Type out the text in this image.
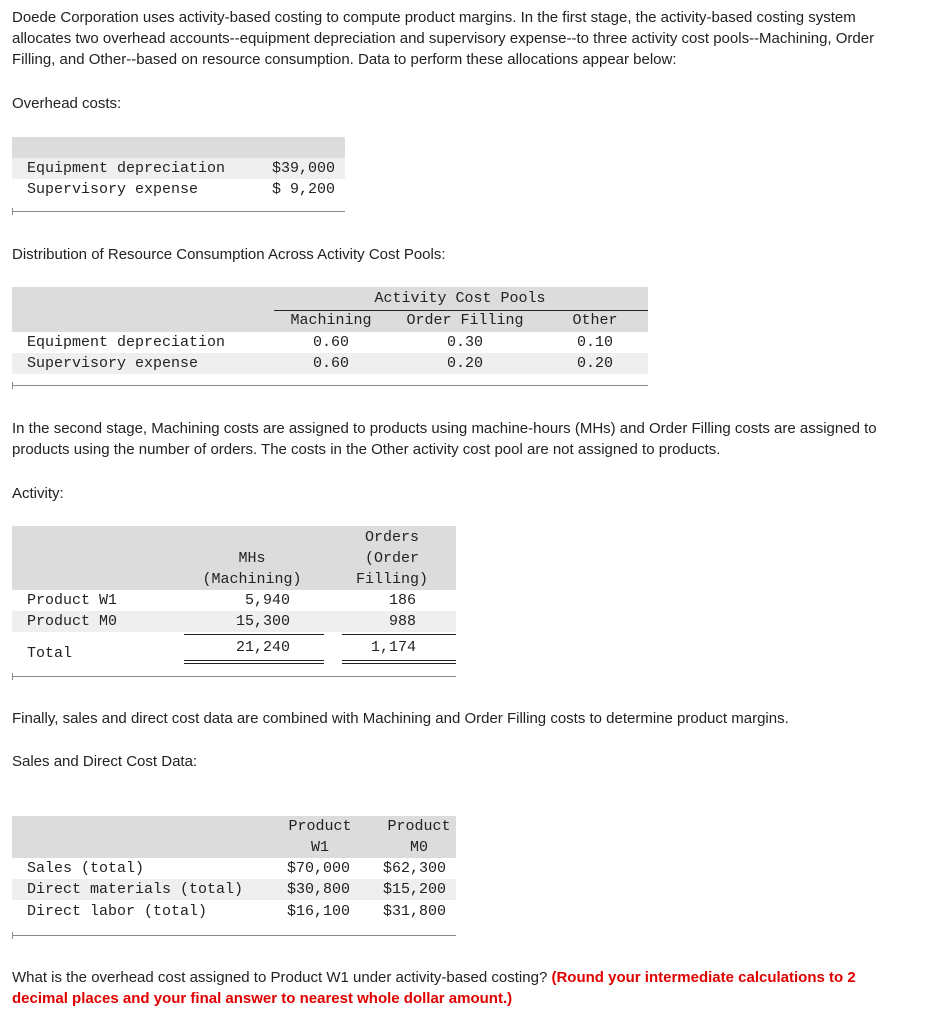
Doede Corporation uses activity-based costing to compute product margins. In the first stage, the activity-based costing system allocates two overhead accounts--equipment depreciation and supervisory expense--to three activity cost pools--Machining, Order Filling, and Other--based on resource consumption. Data to perform these allocations appear below:

Overhead costs:

Equipment depreciation	$39,000
Supervisory expense	$ 9,200

Distribution of Resource Consumption Across Activity Cost Pools:

Activity Cost Pools
Machining	Order Filling	Other
Equipment depreciation	0.60	0.30	0.10
Supervisory expense	0.60	0.20	0.20

In the second stage, Machining costs are assigned to products using machine-hours (MHs) and Order Filling costs are assigned to products using the number of orders. The costs in the Other activity cost pool are not assigned to products.

Activity:

MHs
(Machining)
Orders
(Order
Filling)
Product W1	5,940	186
Product M0	15,300	988
Total	21,240	1,174

Finally, sales and direct cost data are combined with Machining and Order Filling costs to determine product margins.

Sales and Direct Cost Data:

Product
W1
Product
M0
Sales (total)	$70,000	$62,300
Direct materials (total)	$30,800	$15,200
Direct labor (total)	$16,100	$31,800

What is the overhead cost assigned to Product W1 under activity-based costing? (Round your intermediate calculations to 2 decimal places and your final answer to nearest whole dollar amount.)
